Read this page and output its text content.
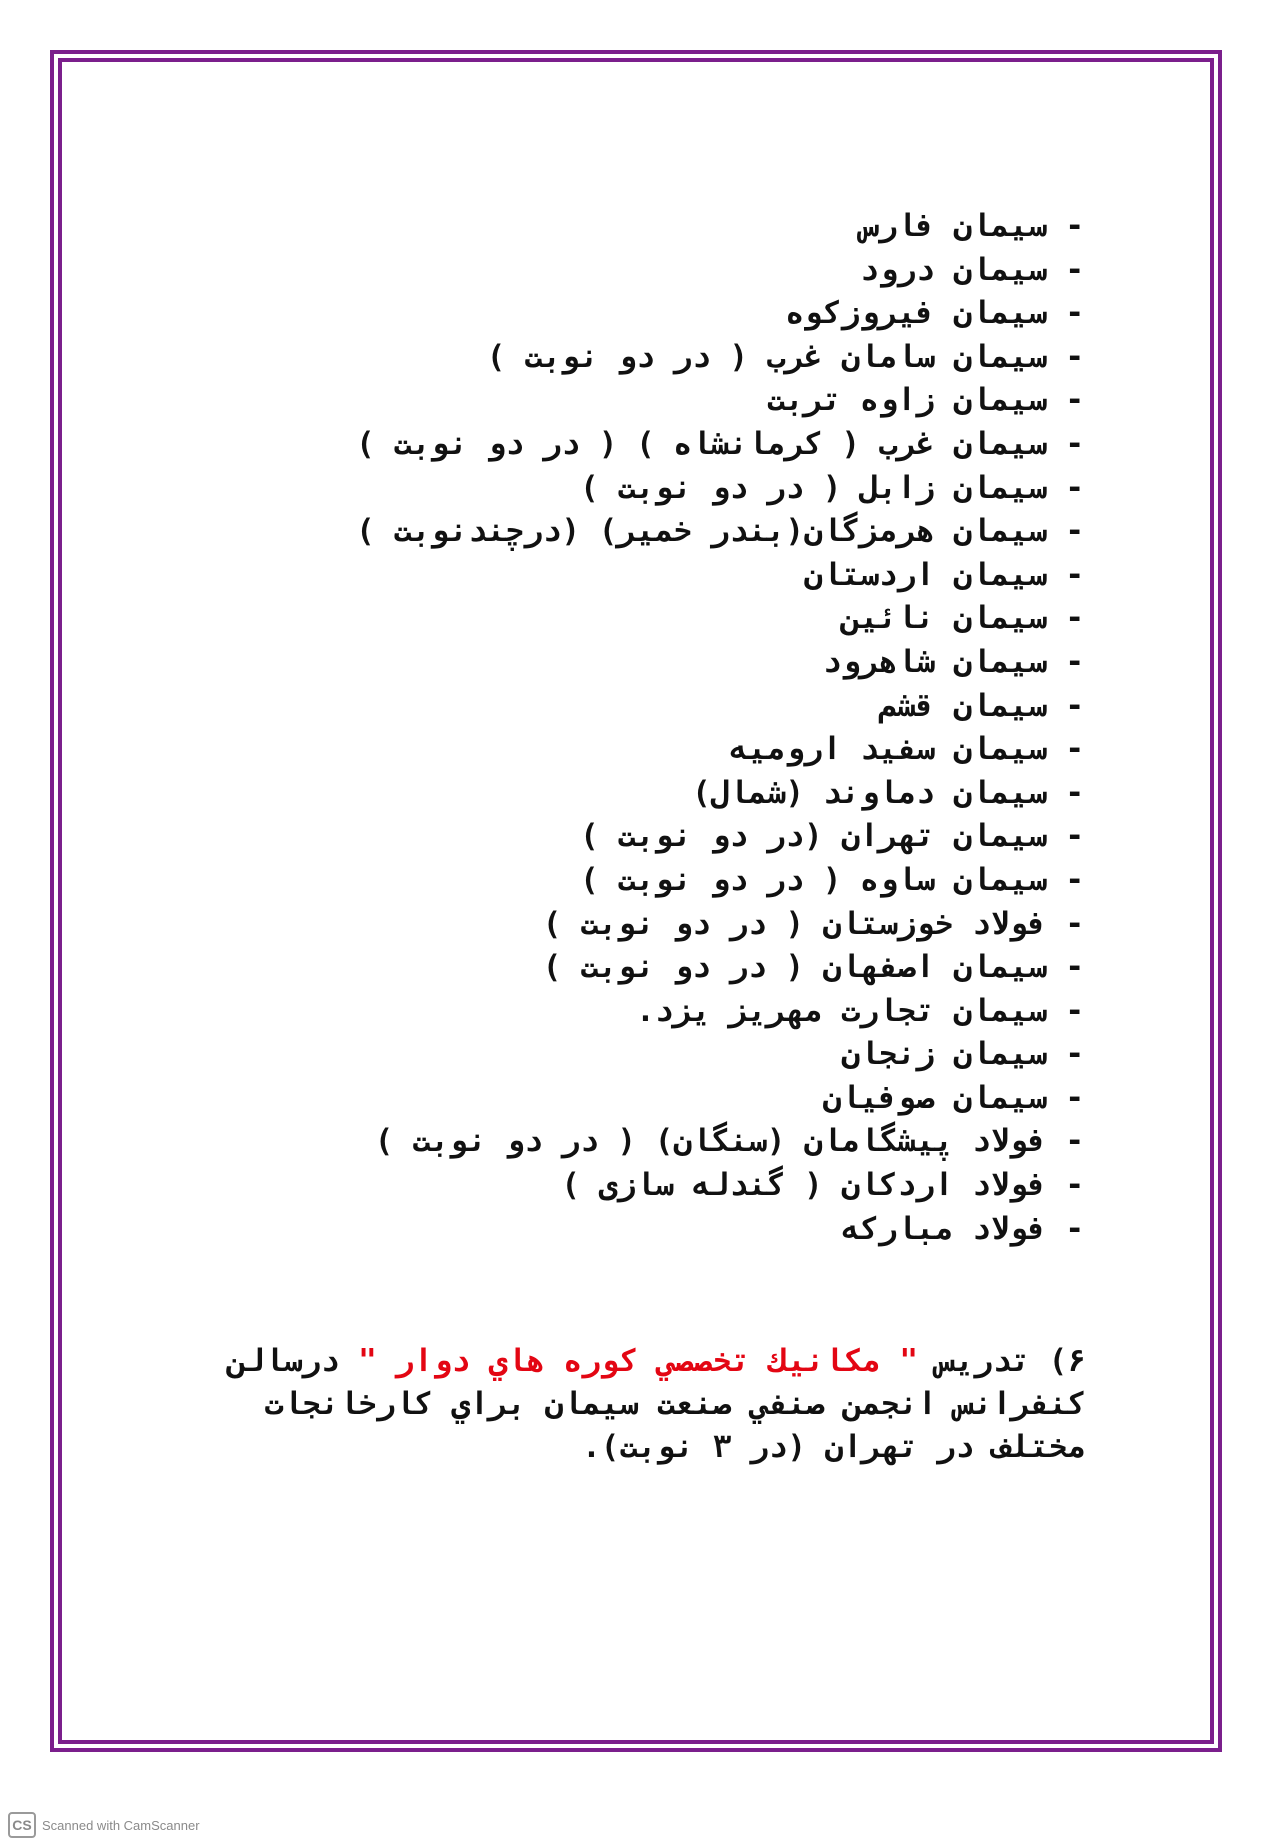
- سیمان فارس
- سیمان درود
- سیمان فیروزکوه
- سیمان سامان غرب ( در دو نوبت )
- سیمان زاوه تربت
- سیمان غرب ( کرمانشاه ) ( در دو نوبت )
- سیمان زابل ( در دو نوبت )
- سیمان هرمزگان(بندر خمیر) (درچندنوبت )
- سیمان اردستان
- سیمان نائین
- سیمان شاهرود
- سیمان قشم
- سیمان سفید ارومیه
- سیمان دماوند (شمال)
- سیمان تهران (در دو نوبت )
- سیمان ساوه ( در دو نوبت )
- فولاد خوزستان ( در دو نوبت )
- سیمان اصفهان ( در دو نوبت )
- سیمان تجارت مهریز یزد.
- سیمان زنجان
- سیمان صوفیان
- فولاد پیشگامان (سنگان) ( در دو نوبت )
- فولاد اردکان ( گندله سازی )
- فولاد مبارکه
۶) تدریس " مكانيك تخصصي كوره هاي دوار " درسالن كنفرانس انجمن صنفي صنعت سيمان براي كارخانجات مختلف در تهران (در ٣ نوبت).
CS Scanned with CamScanner
